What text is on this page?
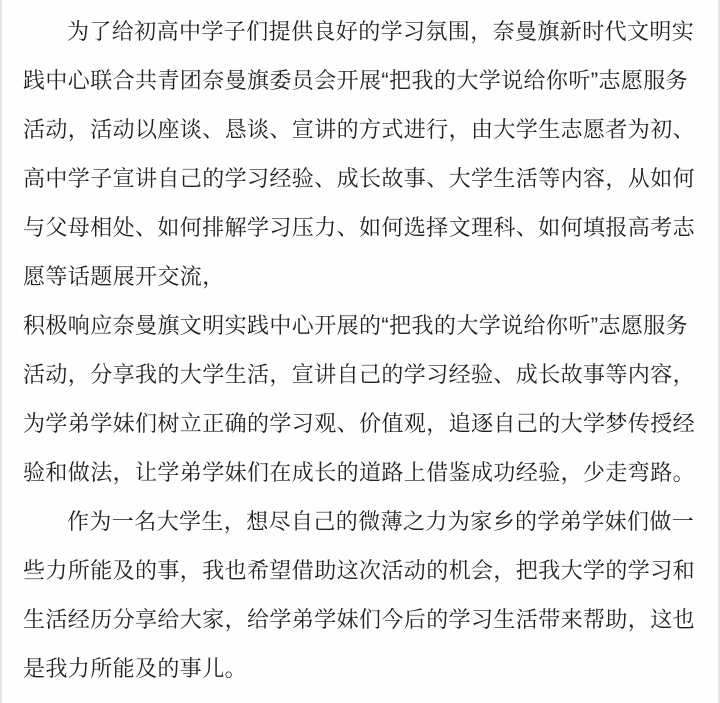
为了给初高中学子们提供良好的学习氛围，奈曼旗新时代文明实践中心联合共青团奈曼旗委员会开展“把我的大学说给你听”志愿服务活动，活动以座谈、恳谈、宣讲的方式进行，由大学生志愿者为初、高中学子宣讲自己的学习经验、成长故事、大学生活等内容，从如何与父母相处、如何排解学习压力、如何选择文理科、如何填报高考志愿等话题展开交流，

积极响应奈曼旗文明实践中心开展的“把我的大学说给你听”志愿服务活动，分享我的大学生活，宣讲自己的学习经验、成长故事等内容，为学弟学妹们树立正确的学习观、价值观，追逐自己的大学梦传授经验和做法，让学弟学妹们在成长的道路上借鉴成功经验，少走弯路。

作为一名大学生，想尽自己的微薄之力为家乡的学弟学妹们做一些力所能及的事，我也希望借助这次活动的机会，把我大学的学习和生活经历分享给大家，给学弟学妹们今后的学习生活带来帮助，这也是我力所能及的事儿。
